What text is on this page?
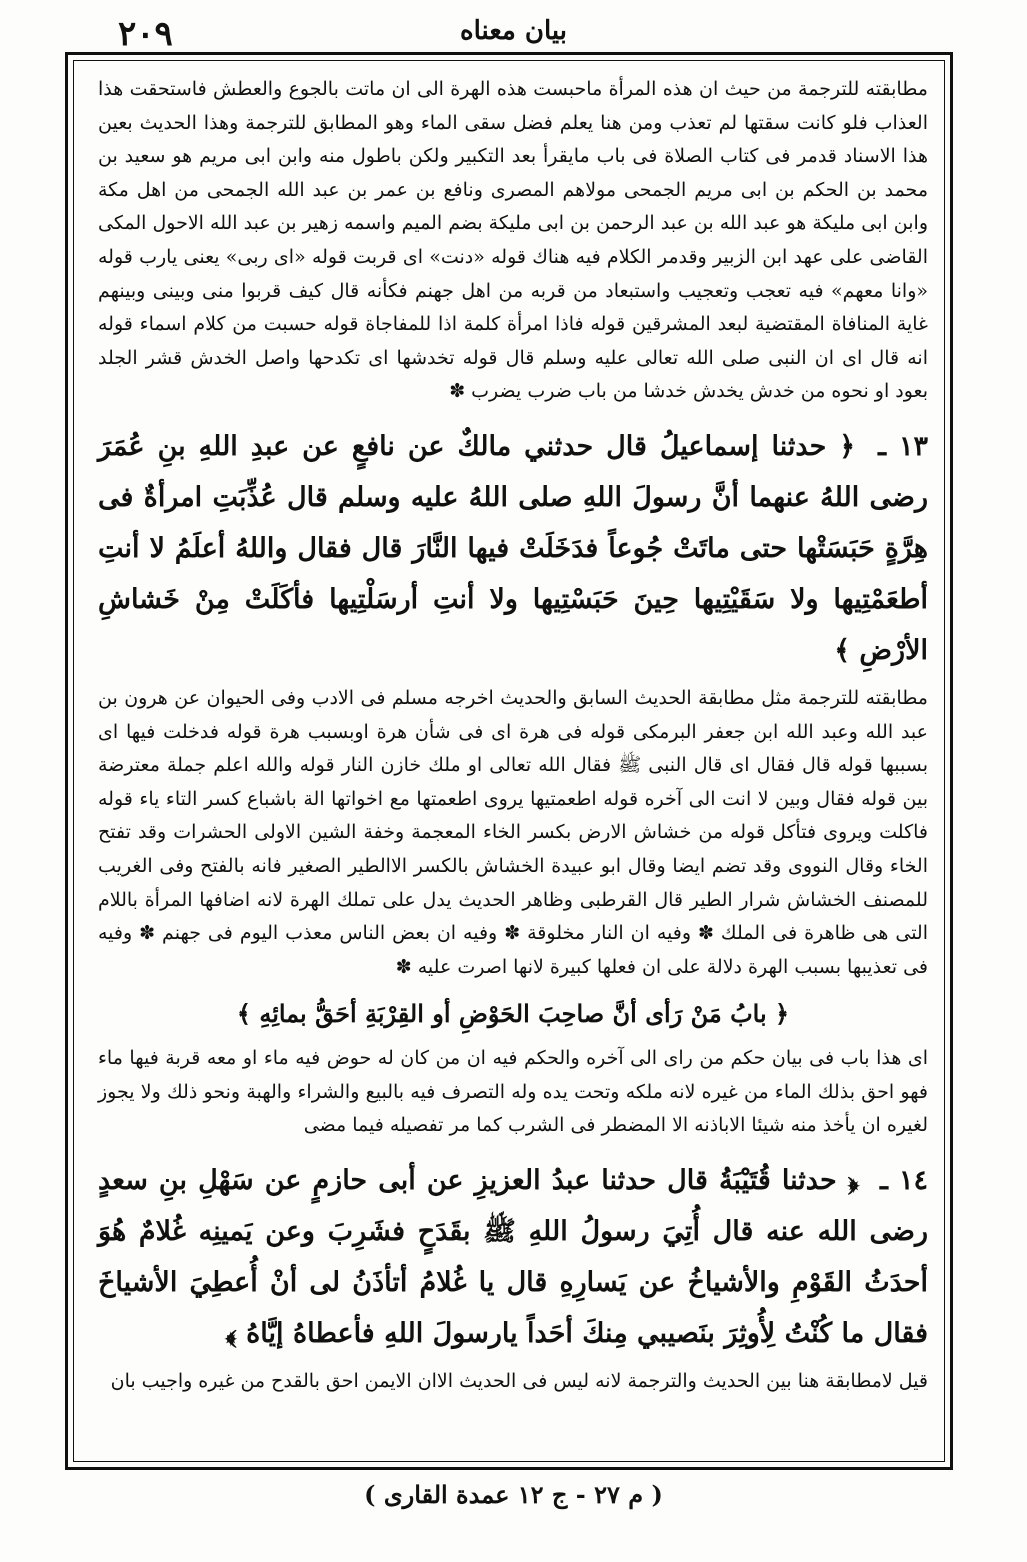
٢٠٩	بيان معناه

مطابقته للترجمة من حيث ان هذه المرأة ماحبست هذه الهرة الى ان ماتت بالجوع والعطش فاستحقت هذا العذاب فلو كانت سقتها لم تعذب ومن هنا يعلم فضل سقى الماء وهو المطابق للترجمة وهذا الحديث بعين هذا الاسناد قدمر فى كتاب الصلاة فى باب مايقرأ بعد التكبير ولكن باطول منه وابن ابى مريم هو سعيد بن محمد بن الحكم بن ابى مريم الجمحى مولاهم المصرى ونافع بن عمر بن عبد الله الجمحى من اهل مكة وابن ابى مليكة هو عبد الله بن عبد الرحمن بن ابى مليكة بضم الميم واسمه زهير بن عبد الله الاحول المكى القاضى على عهد ابن الزبير وقدمر الكلام فيه هناك قوله «دنت» اى قربت قوله «اى ربى» يعنى يارب قوله «وانا معهم» فيه تعجب وتعجيب واستبعاد من قربه من اهل جهنم فكأنه قال كيف قربوا منى وبينى وبينهم غاية المنافاة المقتضية لبعد المشرقين قوله فاذا امرأة كلمة اذا للمفاجاة قوله حسبت من كلام اسماء قوله انه قال اى ان النبى صلى الله تعالى عليه وسلم قال قوله تخدشها اى تكدحها واصل الخدش قشر الجلد بعود او نحوه من خدش يخدش خدشا من باب ضرب يضرب ✽

١٣ ـ ﴿ حدثنا إسماعيلُ قال حدثني مالكٌ عن نافعٍ عن عبدِ اللهِ بنِ عُمَرَ رضى اللهُ عنهما أنَّ رسولَ اللهِ صلى اللهُ عليه وسلم قال عُذِّبَتِ امرأةٌ فى هِرَّةٍ حَبَسَتْها حتى ماتَتْ جُوعاً فدَخَلَتْ فيها النَّارَ قال فقال واللهُ أعلَمُ لا أنتِ أطعَمْتِيها ولا سَقَيْتِيها حِينَ حَبَسْتِيها ولا أنتِ أرسَلْتِيها فأكَلَتْ مِنْ خَشاشِ الأرْضِ ﴾

مطابقته للترجمة مثل مطابقة الحديث السابق والحديث اخرجه مسلم فى الادب وفى الحيوان عن هرون بن عبد الله وعبد الله ابن جعفر البرمكى قوله فى هرة اى فى شأن هرة اوبسبب هرة قوله فدخلت فيها اى بسببها قوله قال فقال اى قال النبى ﷺ فقال الله تعالى او ملك خازن النار قوله والله اعلم جملة معترضة بين قوله فقال وبين لا انت الى آخره قوله اطعمتيها يروى اطعمتها مع اخواتها الة باشباع كسر التاء ياء قوله فاكلت ويروى فتأكل قوله من خشاش الارض بكسر الخاء المعجمة وخفة الشين الاولى الحشرات وقد تفتح الخاء وقال النووى وقد تضم ايضا وقال ابو عبيدة الخشاش بالكسر الاالطير الصغير فانه بالفتح وفى الغريب للمصنف الخشاش شرار الطير قال القرطبى وظاهر الحديث يدل على تملك الهرة لانه اضافها المرأة باللام التى هى ظاهرة فى الملك ✽ وفيه ان النار مخلوقة ✽ وفيه ان بعض الناس معذب اليوم فى جهنم ✽ وفيه فى تعذيبها بسبب الهرة دلالة على ان فعلها كبيرة لانها اصرت عليه ✽

﴿ بابُ مَنْ رَأى أنَّ صاحِبَ الحَوْضِ أو القِرْبَةِ أحَقُّ بمائِهِ ﴾

اى هذا باب فى بيان حكم من راى الى آخره والحكم فيه ان من كان له حوض فيه ماء او معه قربة فيها ماء فهو احق بذلك الماء من غيره لانه ملكه وتحت يده وله التصرف فيه بالبيع والشراء والهبة ونحو ذلك ولا يجوز لغيره ان يأخذ منه شيئا الاباذنه الا المضطر فى الشرب كما مر تفصيله فيما مضى

١٤ ـ ﴿ حدثنا قُتَيْبَةُ قال حدثنا عبدُ العزيزِ عن أبى حازمٍ عن سَهْلِ بنِ سعدٍ رضى الله عنه قال أُتِيَ رسولُ اللهِ ﷺ بقَدَحٍ فشَرِبَ وعن يَمينِه غُلامٌ هُوَ أحدَثُ القَوْمِ والأشياخُ عن يَسارِهِ قال يا غُلامُ أتأذَنُ لى أنْ أُعطِيَ الأشياخَ فقال ما كُنْتُ لِأُوثِرَ بنَصيبي مِنكَ أحَداً يارسولَ اللهِ فأعطاهُ إيَّاهُ ﴾

قيل لامطابقة هنا بين الحديث والترجمة لانه ليس فى الحديث الاان الايمن احق بالقدح من غيره واجيب بان

( م ٢٧ - ج ١٢ عمدة القارى )
